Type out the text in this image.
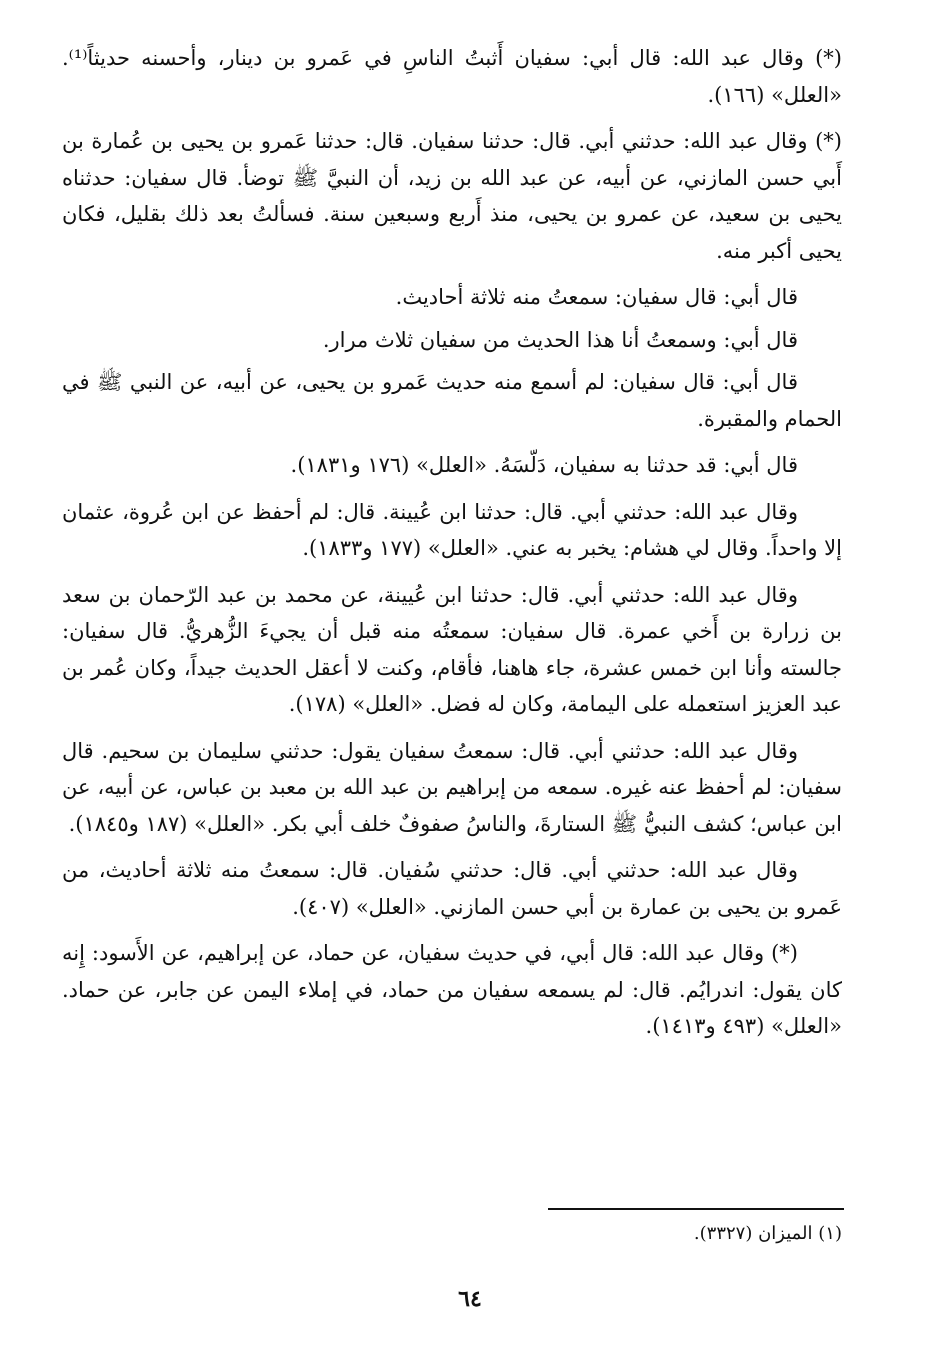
(*) وقال عبد الله: قال أبي: سفيان أَثبتُ الناسِ في عَمرو بن دينار، وأحسنه حديثاً⁽¹⁾. «العلل» (١٦٦).

(*) وقال عبد الله: حدثني أبي. قال: حدثنا سفيان. قال: حدثنا عَمرو بن يحيى بن عُمارة بن أَبي حسن المازني، عن أبيه، عن عبد الله بن زيد، أن النبيَّ ﷺ توضأ. قال سفيان: حدثناه يحيى بن سعيد، عن عمرو بن يحيى، منذ أَربع وسبعين سنة. فسألتُ بعد ذلك بقليل، فكان يحيى أكبر منه.

قال أبي: قال سفيان: سمعتُ منه ثلاثة أحاديث.

قال أبي: وسمعتُ أنا هذا الحديث من سفيان ثلاث مرار.

قال أبي: قال سفيان: لم أسمع منه حديث عَمرو بن يحيى، عن أبيه، عن النبي ﷺ في الحمام والمقبرة.

قال أبي: قد حدثنا به سفيان، دَلّسَهُ. «العلل» (١٧٦ و١٨٣١).

وقال عبد الله: حدثني أبي. قال: حدثنا ابن عُيينة. قال: لم أحفظ عن ابن عُروة، عثمان إلا واحداً. وقال لي هشام: يخبر به عني. «العلل» (١٧٧ و١٨٣٣).

وقال عبد الله: حدثني أبي. قال: حدثنا ابن عُيينة، عن محمد بن عبد الرّحمان بن سعد بن زرارة بن أَخي عمرة. قال سفيان: سمعتُه منه قبل أن يجيءَ الزُّهريُّ. قال سفيان: جالسته وأنا ابن خمس عشرة، جاء هاهنا، فأقام، وكنت لا أعقل الحديث جيداً، وكان عُمر بن عبد العزيز استعمله على اليمامة، وكان له فضل. «العلل» (١٧٨).

وقال عبد الله: حدثني أبي. قال: سمعتُ سفيان يقول: حدثني سليمان بن سحيم. قال سفيان: لم أحفظ عنه غيره. سمعه من إبراهيم بن عبد الله بن معبد بن عباس، عن أبيه، عن ابن عباس؛ كشف النبيُّ ﷺ الستارةَ، والناسُ صفوفٌ خلف أبي بكر. «العلل» (١٨٧ و١٨٤٥).

وقال عبد الله: حدثني أبي. قال: حدثني سُفيان. قال: سمعتُ منه ثلاثة أحاديث، من عَمرو بن يحيى بن عمارة بن أبي حسن المازني. «العلل» (٤٠٧).

(*) وقال عبد الله: قال أبي، في حديث سفيان، عن حماد، عن إبراهيم، عن الأَسود: إِنه كان يقول: اندرايُم. قال: لم يسمعه سفيان من حماد، في إملاء اليمن عن جابر، عن حماد. «العلل» (٤٩٣ و١٤١٣).

(١) الميزان (٣٣٢٧).
٦٤
